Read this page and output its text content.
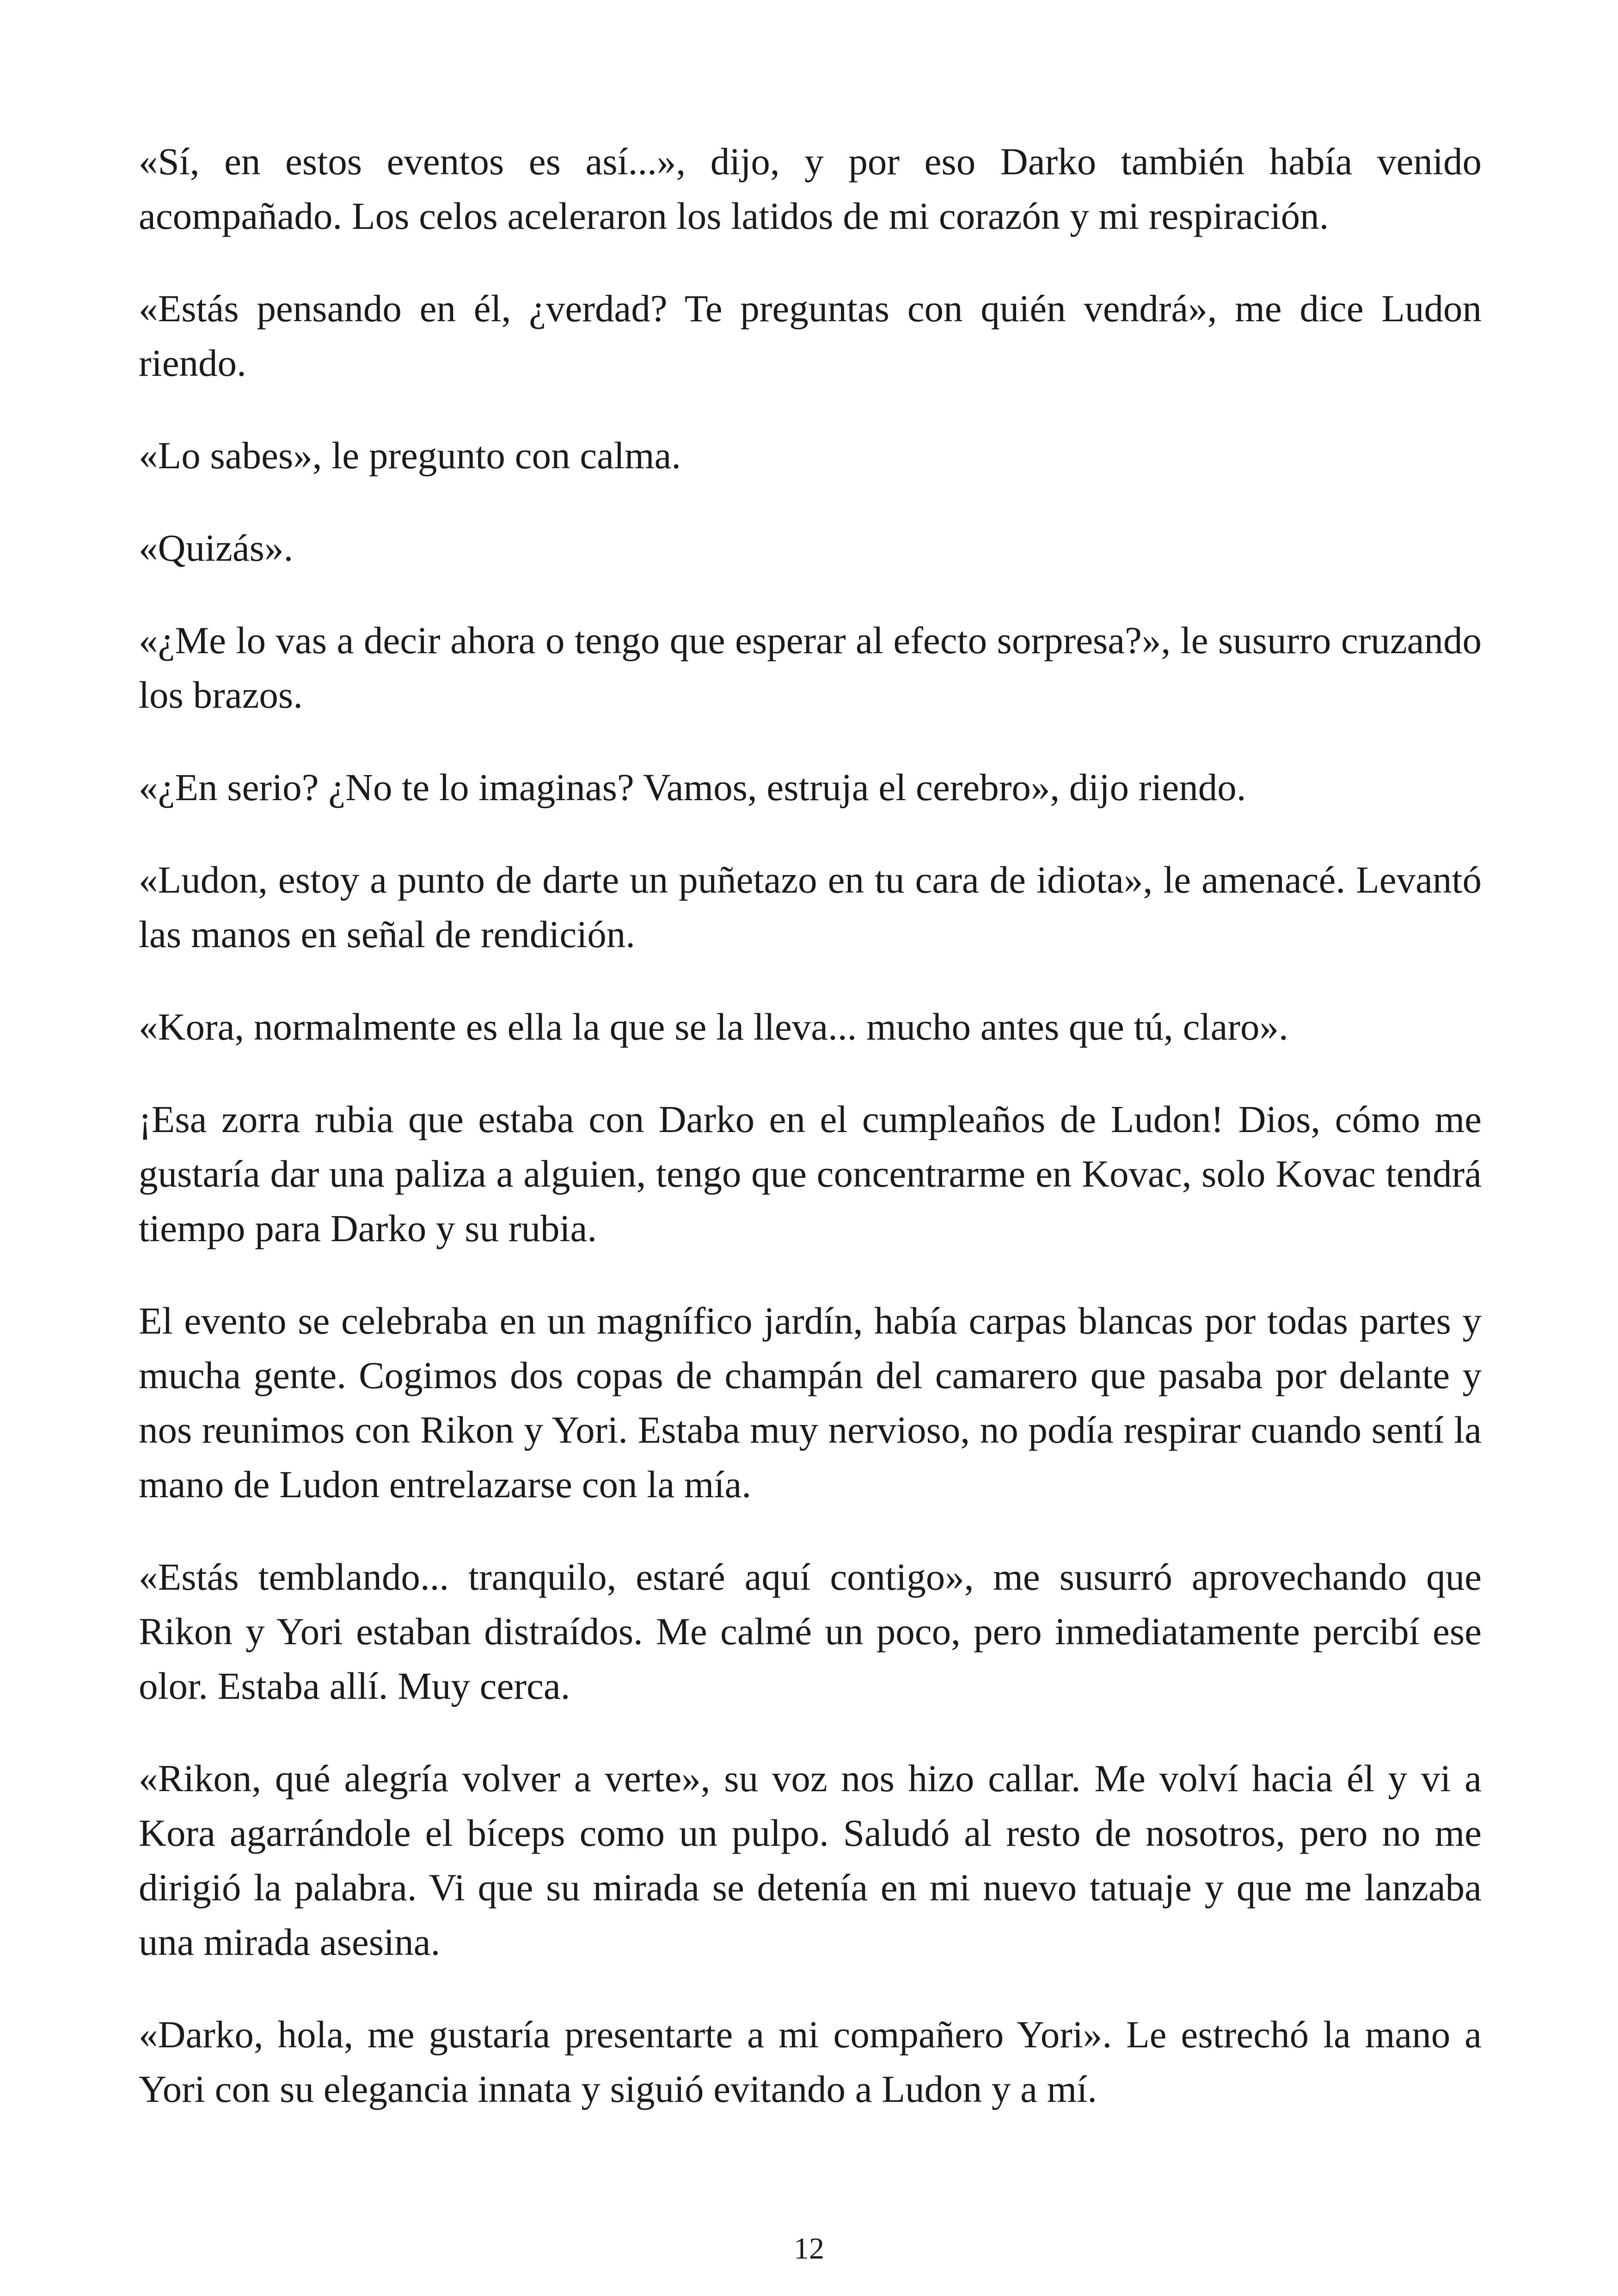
«Sí, en estos eventos es así...», dijo, y por eso Darko también había venido acompañado. Los celos aceleraron los latidos de mi corazón y mi respiración.

«Estás pensando en él, ¿verdad? Te preguntas con quién vendrá», me dice Ludon riendo.

«Lo sabes», le pregunto con calma.

«Quizás».

«¿Me lo vas a decir ahora o tengo que esperar al efecto sorpresa?», le susurro cruzando los brazos.

«¿En serio? ¿No te lo imaginas? Vamos, estruja el cerebro», dijo riendo.

«Ludon, estoy a punto de darte un puñetazo en tu cara de idiota», le amenacé. Levantó las manos en señal de rendición.

«Kora, normalmente es ella la que se la lleva... mucho antes que tú, claro».

¡Esa zorra rubia que estaba con Darko en el cumpleaños de Ludon! Dios, cómo me gustaría dar una paliza a alguien, tengo que concentrarme en Kovac, solo Kovac tendrá tiempo para Darko y su rubia.

El evento se celebraba en un magnífico jardín, había carpas blancas por todas partes y mucha gente. Cogimos dos copas de champán del camarero que pasaba por delante y nos reunimos con Rikon y Yori. Estaba muy nervioso, no podía respirar cuando sentí la mano de Ludon entrelazarse con la mía.

«Estás temblando... tranquilo, estaré aquí contigo», me susurró aprovechando que Rikon y Yori estaban distraídos. Me calmé un poco, pero inmediatamente percibí ese olor. Estaba allí. Muy cerca.

«Rikon, qué alegría volver a verte», su voz nos hizo callar. Me volví hacia él y vi a Kora agarrándole el bíceps como un pulpo. Saludó al resto de nosotros, pero no me dirigió la palabra. Vi que su mirada se detenía en mi nuevo tatuaje y que me lanzaba una mirada asesina.

«Darko, hola, me gustaría presentarte a mi compañero Yori». Le estrechó la mano a Yori con su elegancia innata y siguió evitando a Ludon y a mí.

12
